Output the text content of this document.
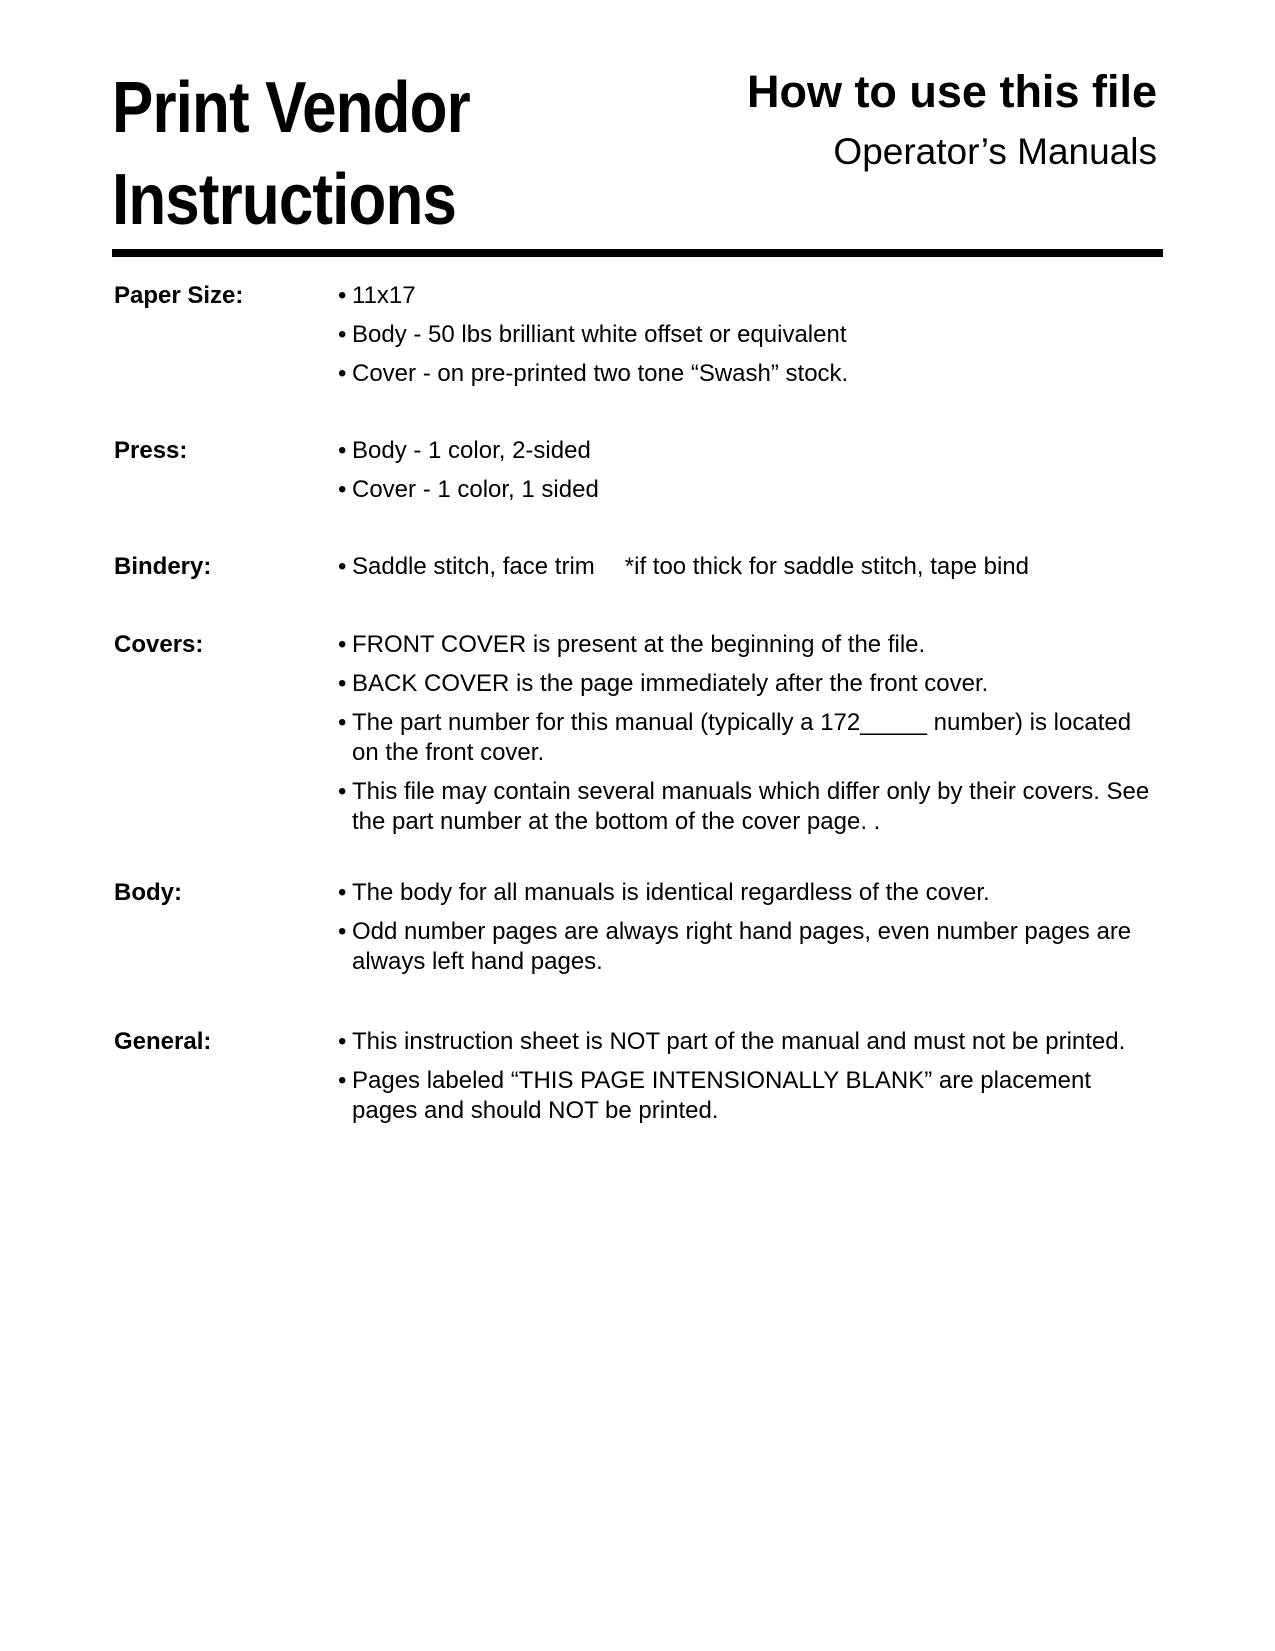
Print Vendor
Instructions
How to use this file
Operator’s Manuals
Paper Size:	• 11x17
• Body - 50 lbs brilliant white offset or equivalent
• Cover - on pre-printed two tone “Swash” stock.
Press:	• Body - 1 color, 2-sided
• Cover - 1 color, 1 sided
Bindery:	• Saddle stitch, face trim *if too thick for saddle stitch, tape bind
Covers:	• FRONT COVER is present at the beginning of the file.
• BACK COVER is the page immediately after the front cover.
• The part number for this manual (typically a 172_____ number) is located on the front cover.
• This file may contain several manuals which differ only by their covers. See the part number at the bottom of the cover page. .
Body:	• The body for all manuals is identical regardless of the cover.
• Odd number pages are always right hand pages, even number pages are always left hand pages.
General:	• This instruction sheet is NOT part of the manual and must not be printed.
• Pages labeled “THIS PAGE INTENSIONALLY BLANK” are placement pages and should NOT be printed.
